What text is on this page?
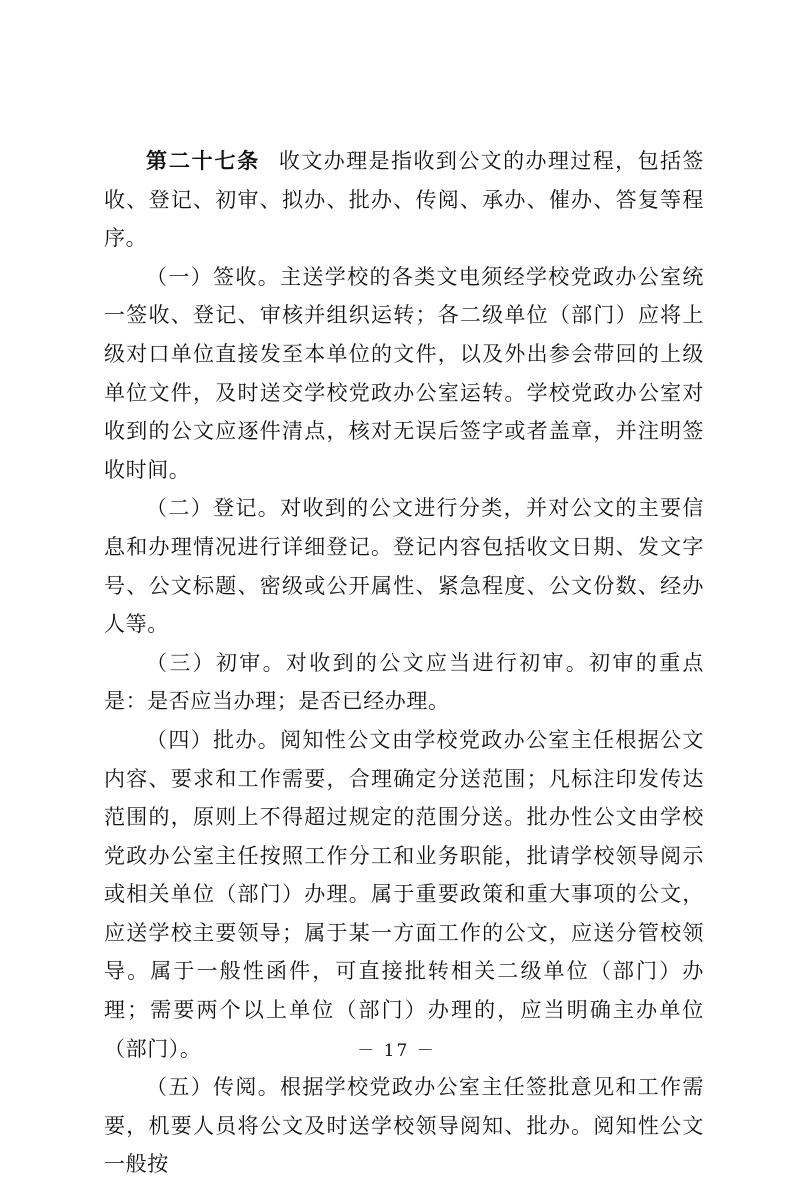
第二十七条 收文办理是指收到公文的办理过程，包括签收、登记、初审、拟办、批办、传阅、承办、催办、答复等程序。

（一）签收。主送学校的各类文电须经学校党政办公室统一签收、登记、审核并组织运转；各二级单位（部门）应将上级对口单位直接发至本单位的文件，以及外出参会带回的上级单位文件，及时送交学校党政办公室运转。学校党政办公室对收到的公文应逐件清点，核对无误后签字或者盖章，并注明签收时间。

（二）登记。对收到的公文进行分类，并对公文的主要信息和办理情况进行详细登记。登记内容包括收文日期、发文字号、公文标题、密级或公开属性、紧急程度、公文份数、经办人等。

（三）初审。对收到的公文应当进行初审。初审的重点是：是否应当办理；是否已经办理。

（四）批办。阅知性公文由学校党政办公室主任根据公文内容、要求和工作需要，合理确定分送范围；凡标注印发传达范围的，原则上不得超过规定的范围分送。批办性公文由学校党政办公室主任按照工作分工和业务职能，批请学校领导阅示或相关单位（部门）办理。属于重要政策和重大事项的公文，应送学校主要领导；属于某一方面工作的公文，应送分管校领导。属于一般性函件，可直接批转相关二级单位（部门）办理；需要两个以上单位（部门）办理的，应当明确主办单位（部门）。

（五）传阅。根据学校党政办公室主任签批意见和工作需要，机要人员将公文及时送学校领导阅知、批办。阅知性公文一般按

－ 17 －
